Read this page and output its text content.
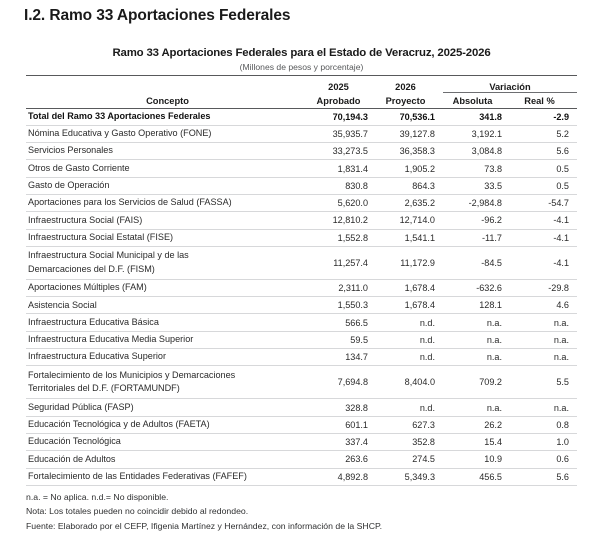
I.2. Ramo 33 Aportaciones Federales
Ramo 33 Aportaciones Federales para el Estado de Veracruz, 2025-2026
(Millones de pesos y porcentaje)

Concepto	2025	2026	Variación	
	Aprobado	Proyecto	Absoluta	Real %

Total del Ramo 33 Aportaciones Federales	70,194.3	70,536.1	341.8	-2.9
Nómina Educativa y Gasto Operativo (FONE)	35,935.7	39,127.8	3,192.1	5.2
Servicios Personales	33,273.5	36,358.3	3,084.8	5.6
Otros de Gasto Corriente	1,831.4	1,905.2	73.8	0.5
Gasto de Operación	830.8	864.3	33.5	0.5
Aportaciones para los Servicios de Salud (FASSA)	5,620.0	2,635.2	-2,984.8	-54.7
Infraestructura Social (FAIS)	12,810.2	12,714.0	-96.2	-4.1
Infraestructura Social Estatal (FISE)	1,552.8	1,541.1	-11.7	-4.1

Infraestructura Social Municipal y de las
Demarcaciones del D.F. (FISM)	11,257.4	11,172.9	-84.5	-4.1
Aportaciones Múltiples (FAM)	2,311.0	1,678.4	-632.6	-29.8
Asistencia Social	1,550.3	1,678.4	128.1	4.6
Infraestructura Educativa Básica	566.5	n.d.	n.a.	n.a.
Infraestructura Educativa Media Superior	59.5	n.d.	n.a.	n.a.
Infraestructura Educativa Superior	134.7	n.d.	n.a.	n.a.

Fortalecimiento de los Municipios y Demarcaciones
Territoriales del D.F. (FORTAMUNDF)	7,694.8	8,404.0	709.2	5.5
Seguridad Pública (FASP)	328.8	n.d.	n.a.	n.a.
Educación Tecnológica y de Adultos (FAETA)	601.1	627.3	26.2	0.8
Educación Tecnológica	337.4	352.8	15.4	1.0
Educación de Adultos	263.6	274.5	10.9	0.6
Fortalecimiento de las Entidades Federativas (FAFEF)	4,892.8	5,349.3	456.5	5.6

n.a. = No aplica. n.d.= No disponible.
Nota: Los totales pueden no coincidir debido al redondeo.
Fuente: Elaborado por el CEFP, Ifigenia Martínez y Hernández, con información de la SHCP.
